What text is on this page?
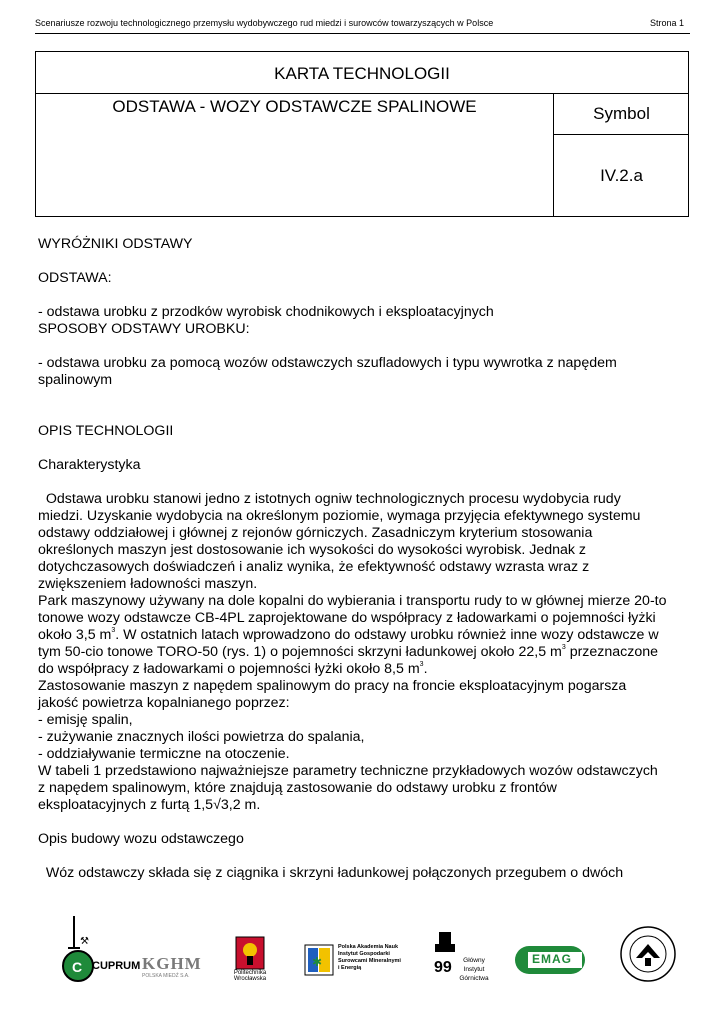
Scenariusze rozwoju technologicznego przemysłu wydobywczego rud miedzi i surowców towarzyszących w Polsce	Strona 1
KARTA TECHNOLOGII
ODSTAWA - WOZY ODSTAWCZE SPALINOWE	Symbol
IV.2.a

WYRÓŻNIKI ODSTAWY

ODSTAWA:

- odstawa urobku z przodków wyrobisk chodnikowych i eksploatacyjnych

SPOSOBY ODSTAWY UROBKU:

- odstawa urobku za pomocą wozów odstawczych szufladowych i typu wywrotka z napędem

spalinowym

OPIS TECHNOLOGII

Charakterystyka

Odstawa urobku stanowi jedno z istotnych ogniw technologicznych procesu wydobycia rudy

miedzi. Uzyskanie wydobycia na określonym poziomie, wymaga przyjęcia efektywnego systemu

odstawy oddziałowej i głównej z rejonów górniczych. Zasadniczym kryterium stosowania

określonych maszyn jest dostosowanie ich wysokości do wysokości wyrobisk. Jednak z

dotychczasowych doświadczeń i analiz wynika, że efektywność odstawy wzrasta wraz z

zwiększeniem ładowności maszyn.

Park maszynowy używany na dole kopalni do wybierania i transportu rudy to w głównej mierze 20-to

tonowe wozy odstawcze CB-4PL zaprojektowane do współpracy z ładowarkami o pojemności łyżki

około 3,5 $m^3$. W ostatnich latach wprowadzono do odstawy urobku również inne wozy odstawcze w

tym 50-cio tonowe TORO-50 (rys. 1) o pojemności skrzyni ładunkowej około 22,5 $m^3$ przeznaczone

do współpracy z ładowarkami o pojemności łyżki około 8,5 $m^3$.

Zastosowanie maszyn z napędem spalinowym do pracy na froncie eksploatacyjnym pogarsza

jakość powietrza kopalnianego poprzez:

- emisję spalin,

- zużywanie znacznych ilości powietrza do spalania,

- oddziaływanie termiczne na otoczenie.

W tabeli 1 przedstawiono najważniejsze parametry techniczne przykładowych wozów odstawczych

z napędem spalinowym, które znajdują zastosowanie do odstawy urobku z frontów

eksploatacyjnych z furtą 1,5√3,2 m.

Opis budowy wozu odstawczego

Wóz odstawczy składa się z ciągnika i skrzyni ładunkowej połączonych przegubem o dwóch

⚒
C CUPRUM KGHM
POLSKA MIEDŹ S.A.	Politechnika
Wrocławska
✱
Polska Akademia Nauk
Instytut Gospodarki
Surowcami Mineralnymi
i Energią	99	Główny
Instytut
Górnictwa
EMAG
